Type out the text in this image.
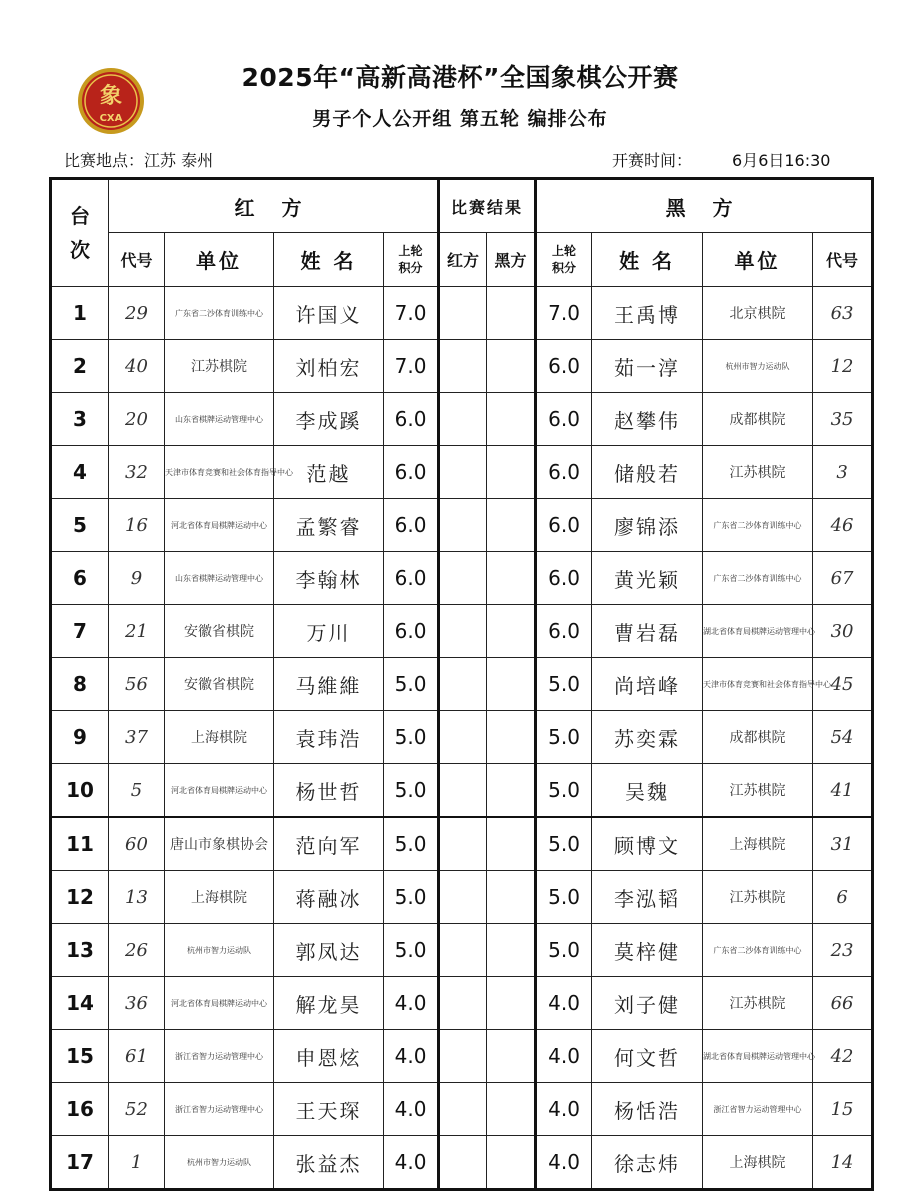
象
CXA
2025年“高新高港杯”全国象棋公开赛
男子个人公开组 第五轮 编排公布
比赛地点：江苏 泰州	开赛时间：	6月6日16:30
台次	红 方				比赛结果		黑 方			
	代号	单位	姓 名	上轮积分	红方	黑方	上轮积分	姓 名	单位	代号
1	29	广东省二沙体育训练中心	许国义	7.0			7.0	王禹博	北京棋院	63
2	40	江苏棋院	刘柏宏	7.0			6.0	茹一淳	杭州市智力运动队	12
3	20	山东省棋牌运动管理中心	李成蹊	6.0			6.0	赵攀伟	成都棋院	35
4	32	天津市体育竞赛和社会体育指导中心	范越	6.0			6.0	储般若	江苏棋院	3
5	16	河北省体育局棋牌运动中心	孟繁睿	6.0			6.0	廖锦添	广东省二沙体育训练中心	46
6	9	山东省棋牌运动管理中心	李翰林	6.0			6.0	黄光颖	广东省二沙体育训练中心	67
7	21	安徽省棋院	万川	6.0			6.0	曹岩磊	湖北省体育局棋牌运动管理中心	30
8	56	安徽省棋院	马維維	5.0			5.0	尚培峰	天津市体育竞赛和社会体育指导中心	45
9	37	上海棋院	袁玮浩	5.0			5.0	苏奕霖	成都棋院	54
10	5	河北省体育局棋牌运动中心	杨世哲	5.0			5.0	吴魏	江苏棋院	41
11	60	唐山市象棋协会	范向军	5.0			5.0	顾博文	上海棋院	31
12	13	上海棋院	蒋融冰	5.0			5.0	李泓韬	江苏棋院	6
13	26	杭州市智力运动队	郭凤达	5.0			5.0	莫梓健	广东省二沙体育训练中心	23
14	36	河北省体育局棋牌运动中心	解龙昊	4.0			4.0	刘子健	江苏棋院	66
15	61	浙江省智力运动管理中心	申恩炫	4.0			4.0	何文哲	湖北省体育局棋牌运动管理中心	42
16	52	浙江省智力运动管理中心	王天琛	4.0			4.0	杨恬浩	浙江省智力运动管理中心	15
17	1	杭州市智力运动队	张益杰	4.0			4.0	徐志炜	上海棋院	14
